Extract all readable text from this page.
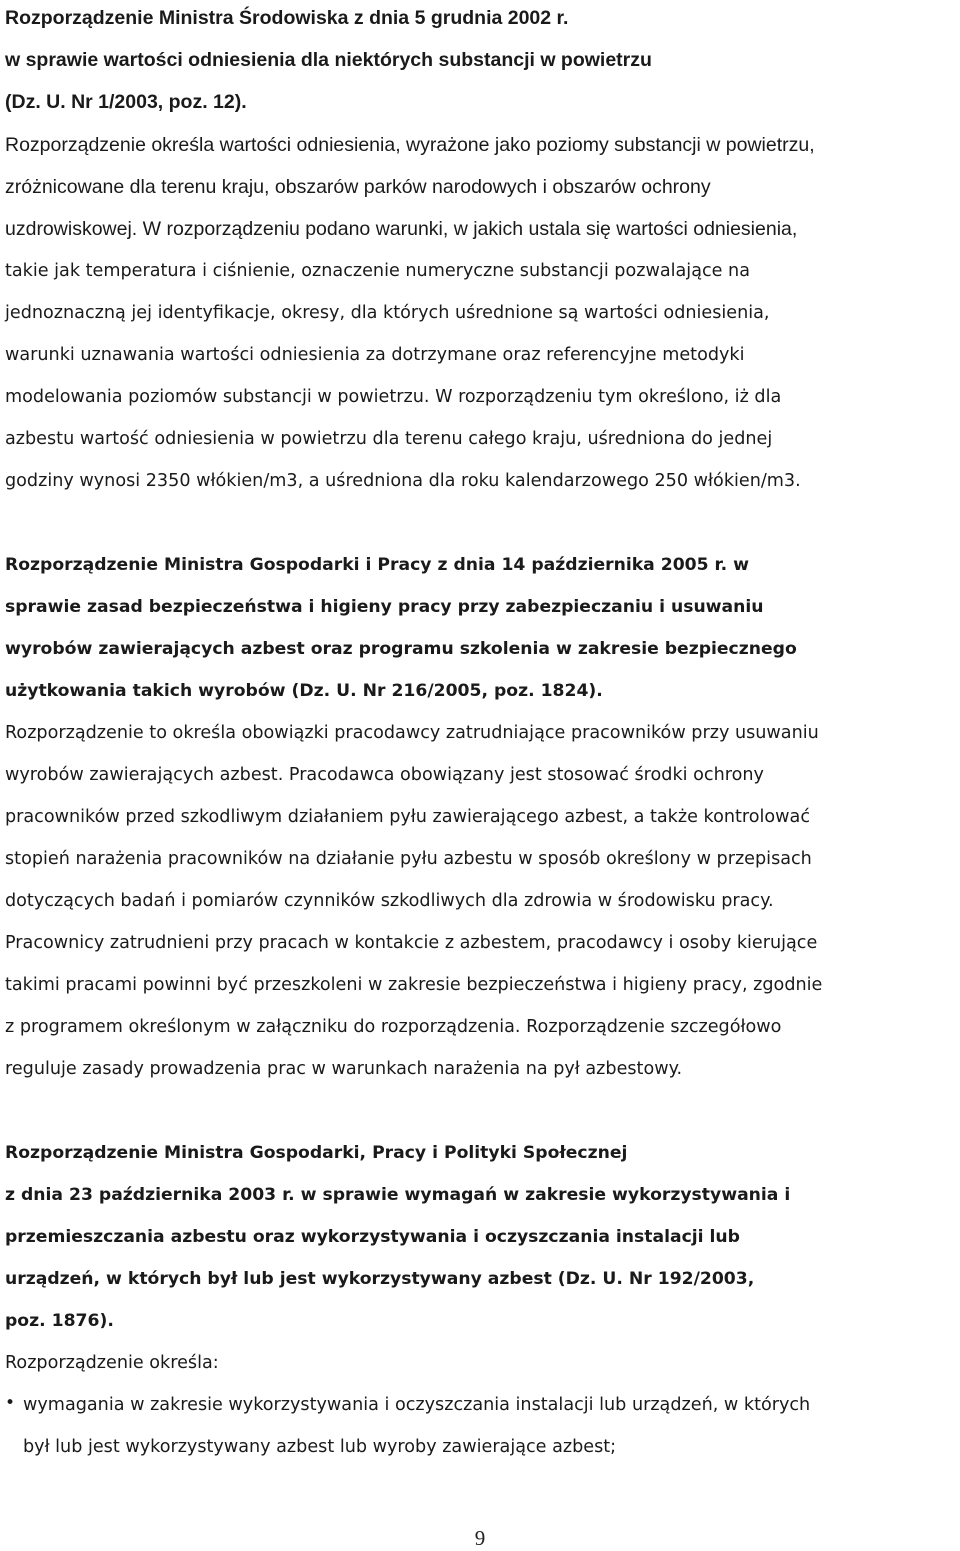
Rozporządzenie Ministra Środowiska z dnia 5 grudnia 2002 r.
w sprawie wartości odniesienia dla niektórych substancji w powietrzu
(Dz. U. Nr 1/2003, poz. 12).
Rozporządzenie określa wartości odniesienia, wyrażone jako poziomy substancji w powietrzu,
zróżnicowane dla terenu kraju, obszarów parków narodowych i obszarów ochrony
uzdrowiskowej. W rozporządzeniu podano warunki, w jakich ustala się wartości odniesienia,
takie jak temperatura i ciśnienie, oznaczenie numeryczne substancji pozwalające na
jednoznaczną jej identyfikacje, okresy, dla których uśrednione są wartości odniesienia,
warunki uznawania wartości odniesienia za dotrzymane oraz referencyjne metodyki
modelowania poziomów substancji w powietrzu. W rozporządzeniu tym określono, iż dla
azbestu wartość odniesienia w powietrzu dla terenu całego kraju, uśredniona do jednej
godziny wynosi 2350 włókien/m3, a uśredniona dla roku kalendarzowego 250 włókien/m3.
Rozporządzenie Ministra Gospodarki i Pracy z dnia 14 października 2005 r. w
sprawie zasad bezpieczeństwa i higieny pracy przy zabezpieczaniu i usuwaniu
wyrobów zawierających azbest oraz programu szkolenia w zakresie bezpiecznego
użytkowania takich wyrobów (Dz. U. Nr 216/2005, poz. 1824).
Rozporządzenie to określa obowiązki pracodawcy zatrudniające pracowników przy usuwaniu
wyrobów zawierających azbest. Pracodawca obowiązany jest stosować środki ochrony
pracowników przed szkodliwym działaniem pyłu zawierającego azbest, a także kontrolować
stopień narażenia pracowników na działanie pyłu azbestu w sposób określony w przepisach
dotyczących badań i pomiarów czynników szkodliwych dla zdrowia w środowisku pracy.
Pracownicy zatrudnieni przy pracach w kontakcie z azbestem, pracodawcy i osoby kierujące
takimi pracami powinni być przeszkoleni w zakresie bezpieczeństwa i higieny pracy, zgodnie
z programem określonym w załączniku do rozporządzenia. Rozporządzenie szczegółowo
reguluje zasady prowadzenia prac w warunkach narażenia na pył azbestowy.
Rozporządzenie Ministra Gospodarki, Pracy i Polityki Społecznej
z dnia 23 października 2003 r. w sprawie wymagań w zakresie wykorzystywania i
przemieszczania azbestu oraz wykorzystywania i oczyszczania instalacji lub
urządzeń, w których był lub jest wykorzystywany azbest (Dz. U. Nr 192/2003,
poz. 1876).
Rozporządzenie określa:
• wymagania w zakresie wykorzystywania i oczyszczania instalacji lub urządzeń, w których
był lub jest wykorzystywany azbest lub wyroby zawierające azbest;
9
